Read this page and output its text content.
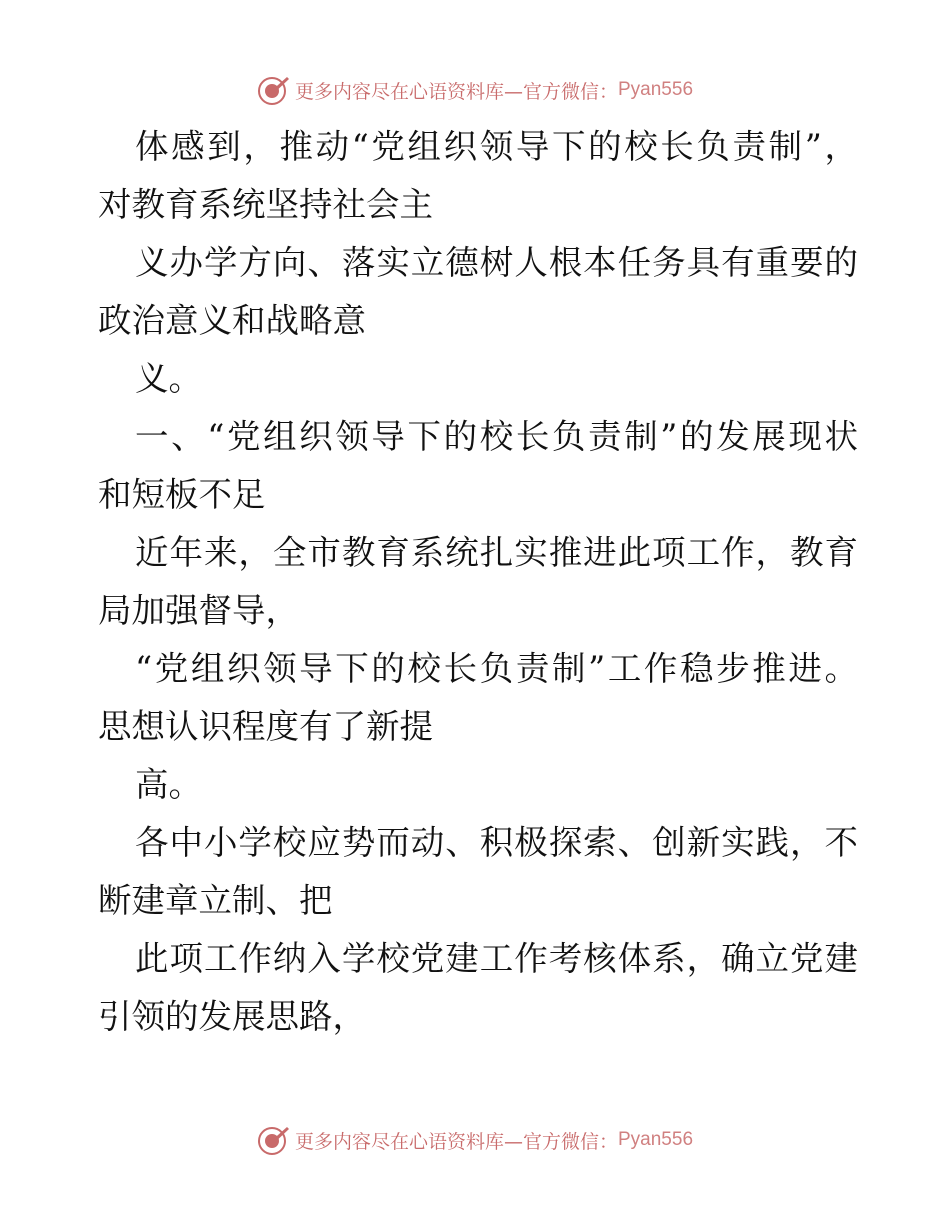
更多内容尽在心语资料库 —官方微信： Pyan556
体感到，推动“党组织领导下的校长负责制”，
对教育系统坚持社会主
义办学方向、落实立德树人根本任务具有重要的
政治意义和战略意
义。
一、“党组织领导下的校长负责制”的发展现状
和短板不足
近年来，全市教育系统扎实推进此项工作，教育
局加强督导，
“党组织领导下的校长负责制”工作稳步推进。
思想认识程度有了新提
高。
各中小学校应势而动、积极探索、创新实践，不
断建章立制、把
此项工作纳入学校党建工作考核体系，确立党建
引领的发展思路，
更多内容尽在心语资料库 —官方微信： Pyan556
